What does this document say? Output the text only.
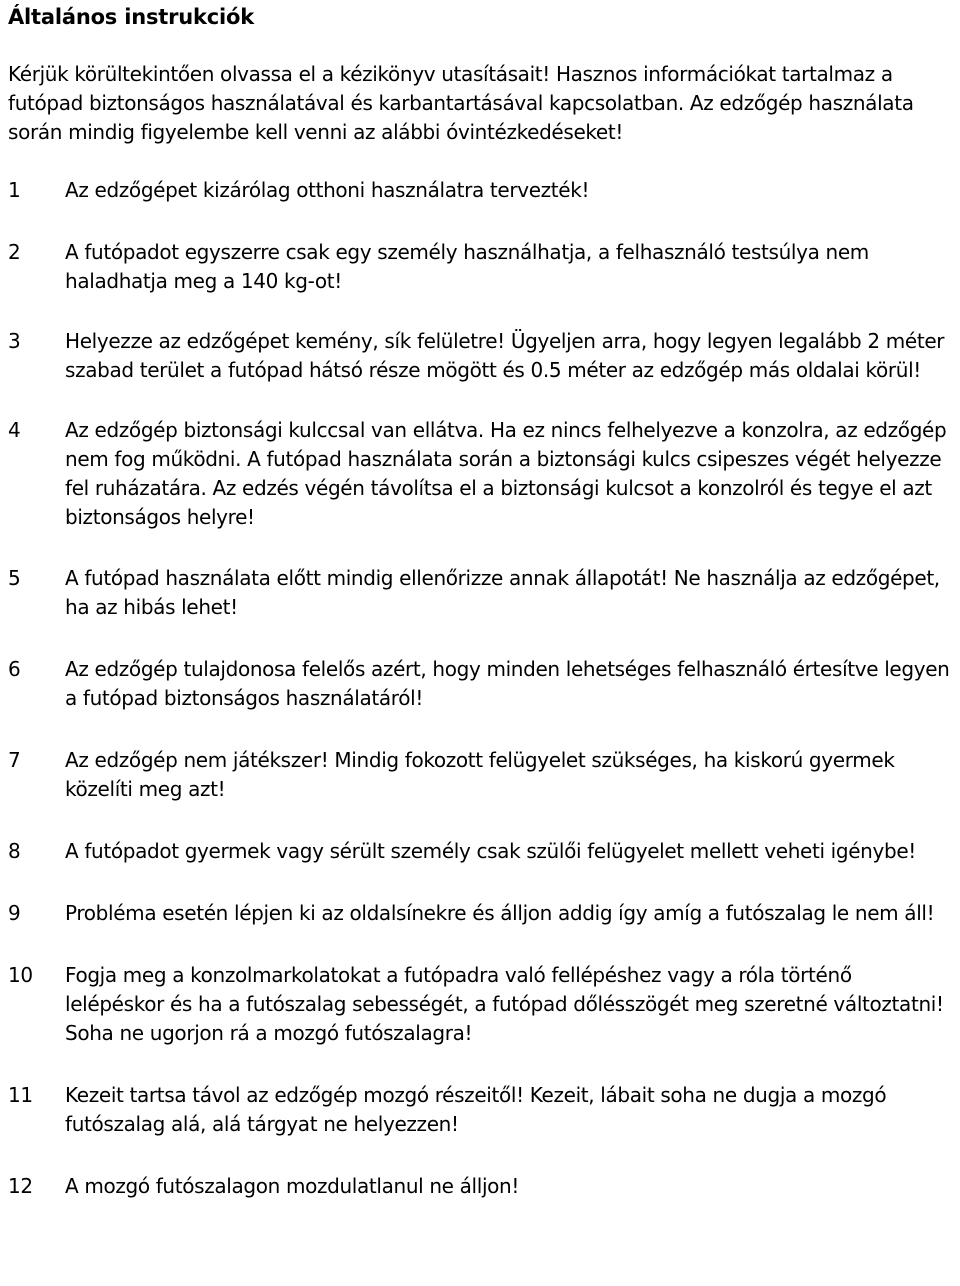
Általános instrukciók

Kérjük körültekintően olvassa el a kézikönyv utasításait! Hasznos információkat tartalmaz a futópad biztonságos használatával és karbantartásával kapcsolatban. Az edzőgép használata során mindig figyelembe kell venni az alábbi óvintézkedéseket!

1	Az edzőgépet kizárólag otthoni használatra tervezték!
2	A futópadot egyszerre csak egy személy használhatja, a felhasználó testsúlya nem haladhatja meg a 140 kg-ot!
3	Helyezze az edzőgépet kemény, sík felületre! Ügyeljen arra, hogy legyen legalább 2 méter szabad terület a futópad hátsó része mögött és 0.5 méter az edzőgép más oldalai körül!
4	Az edzőgép biztonsági kulccsal van ellátva. Ha ez nincs felhelyezve a konzolra, az edzőgép nem fog működni. A futópad használata során a biztonsági kulcs csipeszes végét helyezze fel ruházatára. Az edzés végén távolítsa el a biztonsági kulcsot a konzolról és tegye el azt biztonságos helyre!
5	A futópad használata előtt mindig ellenőrizze annak állapotát! Ne használja az edzőgépet, ha az hibás lehet!
6	Az edzőgép tulajdonosa felelős azért, hogy minden lehetséges felhasználó értesítve legyen a futópad biztonságos használatáról!
7	Az edzőgép nem játékszer! Mindig fokozott felügyelet szükséges, ha kiskorú gyermek közelíti meg azt!
8	A futópadot gyermek vagy sérült személy csak szülői felügyelet mellett veheti igénybe!
9	Probléma esetén lépjen ki az oldalsínekre és álljon addig így amíg a futószalag le nem áll!
10	Fogja meg a konzolmarkolatokat a futópadra való fellépéshez vagy a róla történő lelépéskor és ha a futószalag sebességét, a futópad dőlésszögét meg szeretné változtatni! Soha ne ugorjon rá a mozgó futószalagra!
11	Kezeit tartsa távol az edzőgép mozgó részeitől! Kezeit, lábait soha ne dugja a mozgó futószalag alá, alá tárgyat ne helyezzen!
12	A mozgó futószalagon mozdulatlanul ne álljon!
